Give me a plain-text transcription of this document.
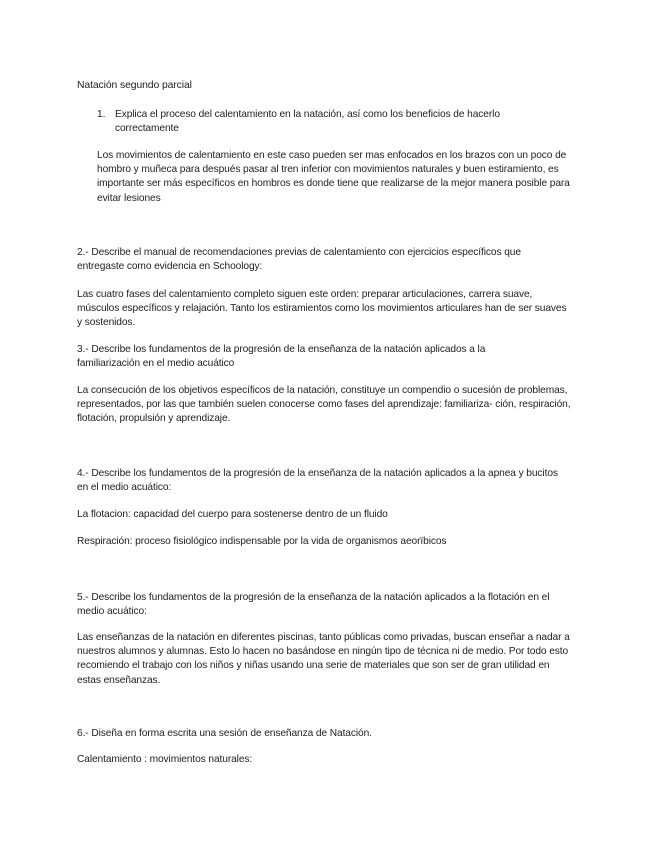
Natación segundo parcial

1. Explica el proceso del calentamiento en la natación, así como los beneficios de hacerlo correctamente

Los movimientos de calentamiento en este caso pueden ser mas enfocados en los brazos con un poco de hombro y muñeca para después pasar al tren inferior con movimientos naturales y buen estiramiento, es importante ser más específicos en hombros es donde tiene que realizarse de la mejor manera posible para evitar lesiones

2.- Describe el manual de recomendaciones previas de calentamiento con ejercicios específicos que entregaste como evidencia en Schoology:

Las cuatro fases del calentamiento completo siguen este orden: preparar articulaciones, carrera suave, músculos específicos y relajación. Tanto los estiramientos como los movimientos articulares han de ser suaves y sostenidos.

3.- Describe los fundamentos de la progresión de la enseñanza de la natación aplicados a la familiarización en el medio acuático

La consecución de los objetivos específicos de la natación, constituye un compendio o sucesión de problemas, representados, por las que también suelen conocerse como fases del aprendizaje: familiariza- ción, respiración, flotación, propulsión y aprendizaje.

4.- Describe los fundamentos de la progresión de la enseñanza de la natación aplicados a la apnea y bucitos en el medio acuático:

La flotacion: capacidad del cuerpo para sostenerse dentro de un fluido

Respiración: proceso fisiológico indispensable por la vida de organismos aeorïbicos

5.- Describe los fundamentos de la progresión de la enseñanza de la natación aplicados a la flotación en el medio acuático:

Las enseñanzas de la natación en diferentes piscinas, tanto públicas como privadas, buscan enseñar a nadar a nuestros alumnos y alumnas. Esto lo hacen no basándose en ningún tipo de técnica ni de medio. Por todo esto recomiendo el trabajo con los niños y niñas usando una serie de materiales que son ser de gran utilidad en estas enseñanzas.

6.- Diseña en forma escrita una sesión de enseñanza de Natación.

Calentamiento : movimientos naturales:
